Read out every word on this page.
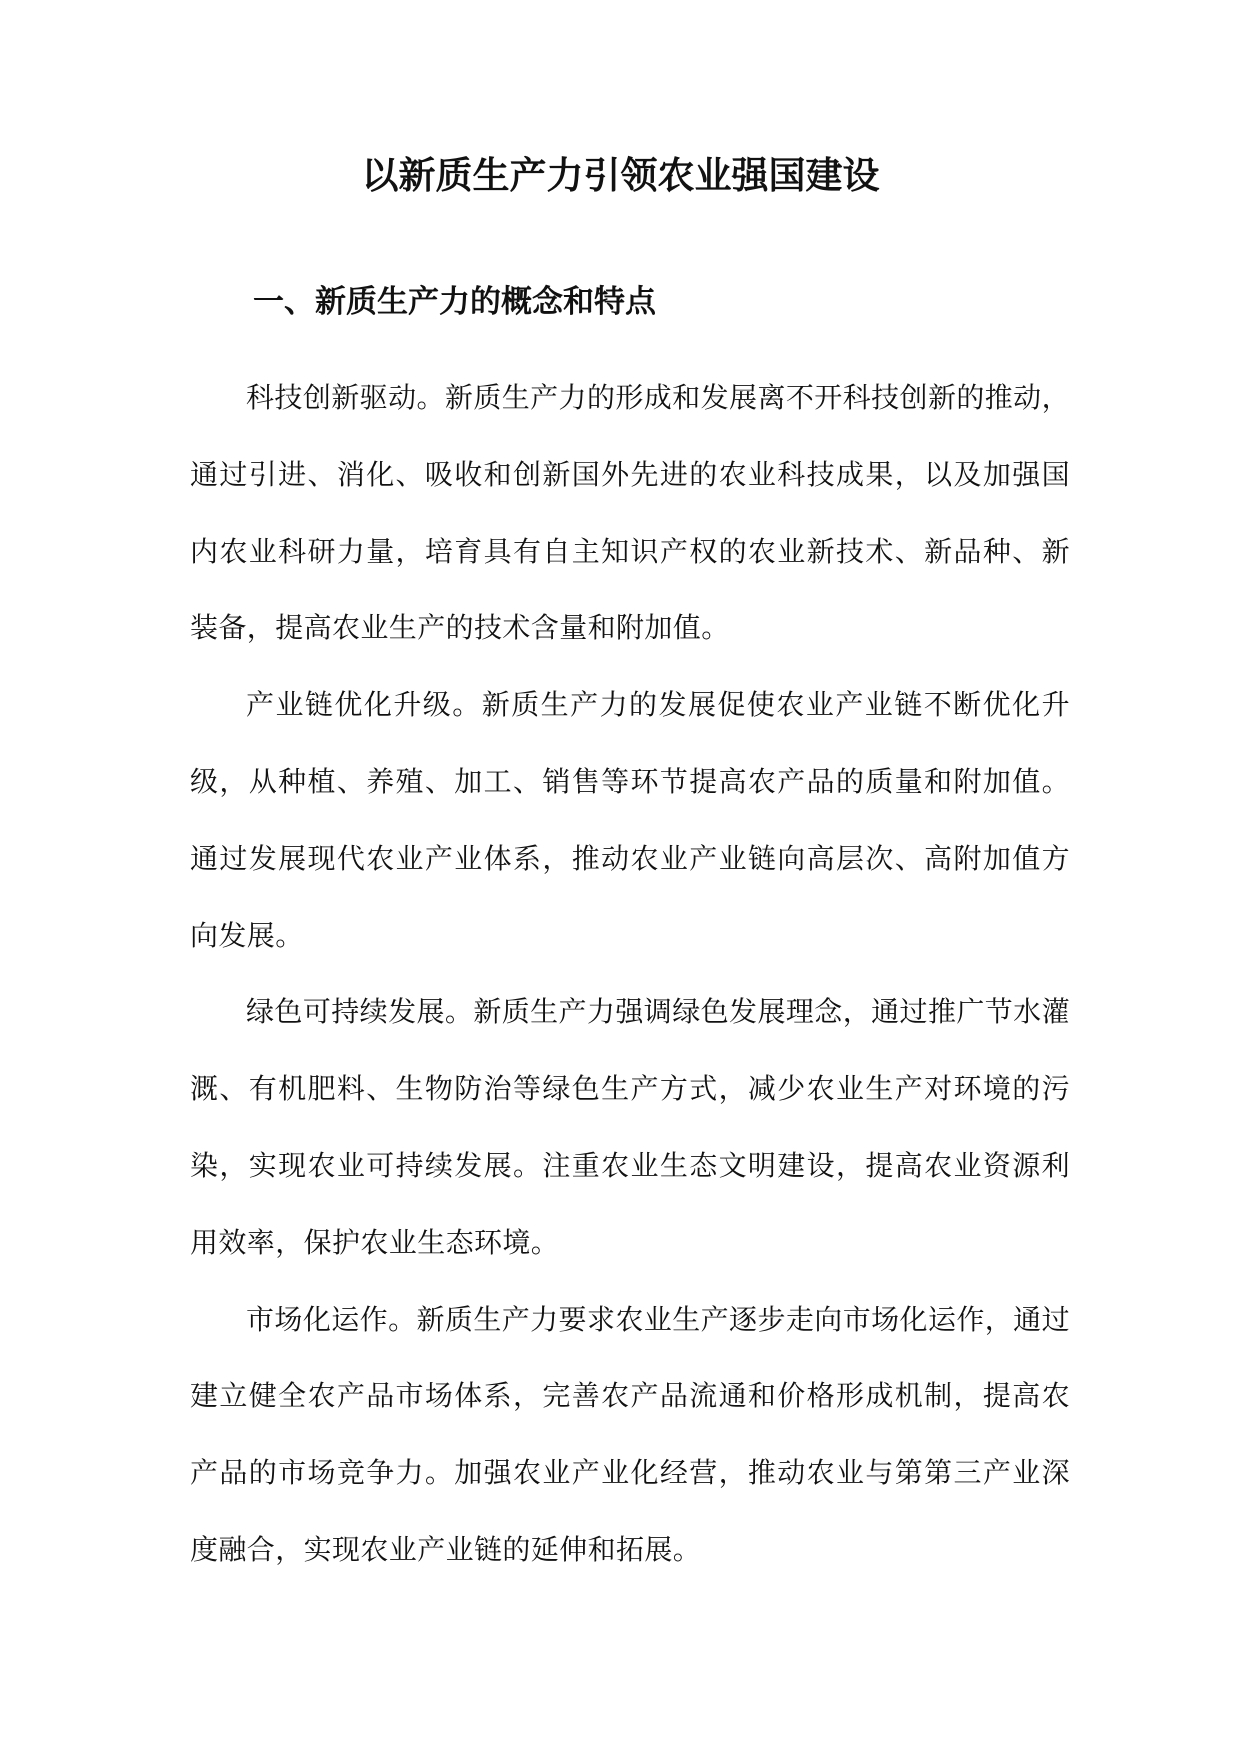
以新质生产力引领农业强国建设
一、新质生产力的概念和特点

科技创新驱动。新质生产力的形成和发展离不开科技创新的推动，通过引进、消化、吸收和创新国外先进的农业科技成果，以及加强国内农业科研力量，培育具有自主知识产权的农业新技术、新品种、新装备，提高农业生产的技术含量和附加值。

产业链优化升级。新质生产力的发展促使农业产业链不断优化升级，从种植、养殖、加工、销售等环节提高农产品的质量和附加值。通过发展现代农业产业体系，推动农业产业链向高层次、高附加值方向发展。

绿色可持续发展。新质生产力强调绿色发展理念，通过推广节水灌溉、有机肥料、生物防治等绿色生产方式，减少农业生产对环境的污染，实现农业可持续发展。注重农业生态文明建设，提高农业资源利用效率，保护农业生态环境。

市场化运作。新质生产力要求农业生产逐步走向市场化运作，通过建立健全农产品市场体系，完善农产品流通和价格形成机制，提高农产品的市场竞争力。加强农业产业化经营，推动农业与第第三产业深度融合，实现农业产业链的延伸和拓展。
